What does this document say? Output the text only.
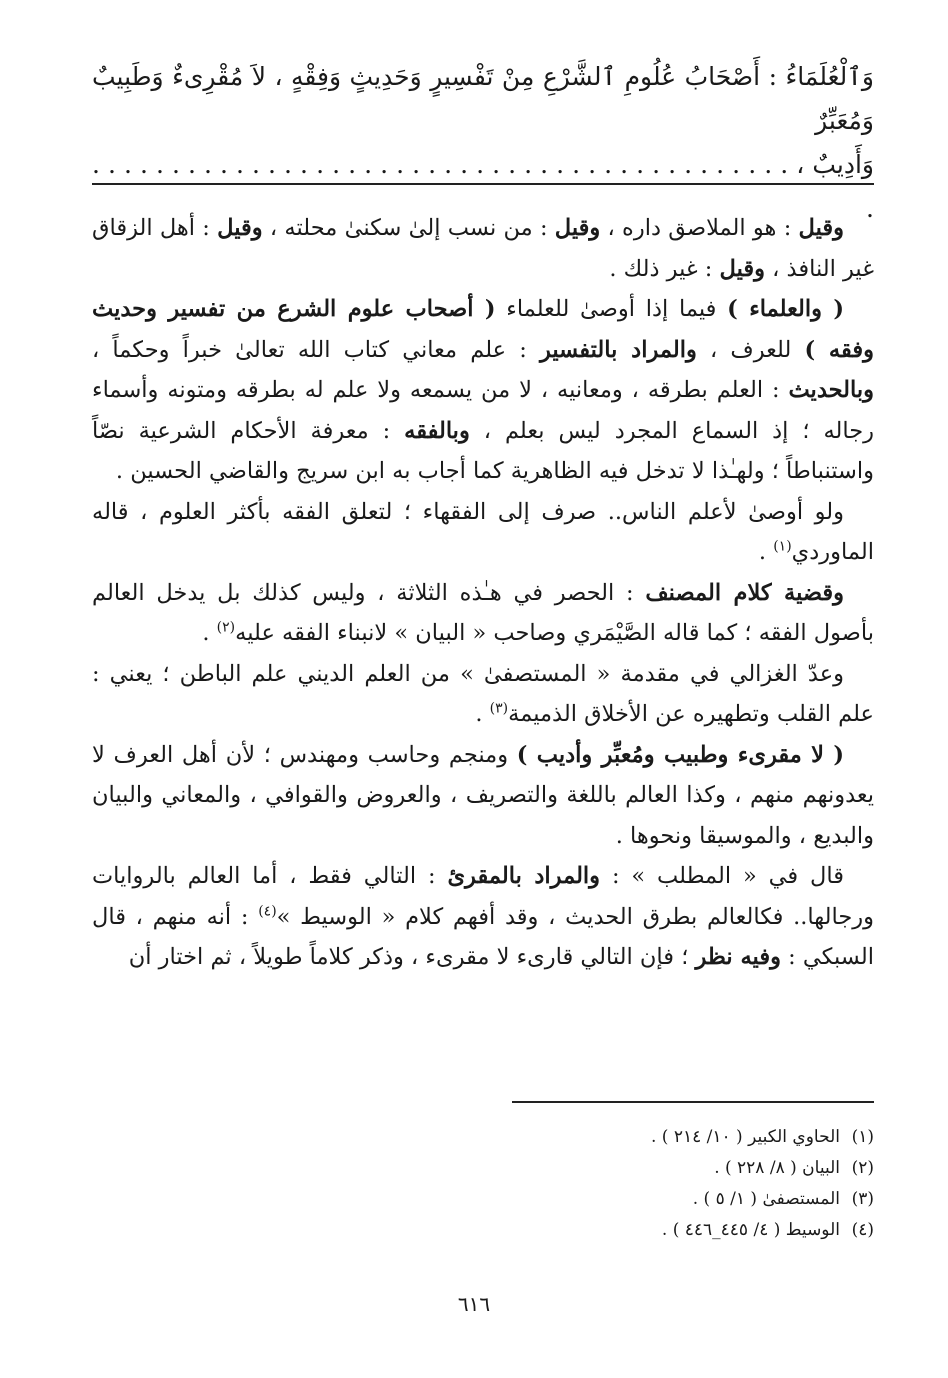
وَٱلْعُلَمَاءُ : أَصْحَابُ عُلُومِ ٱلشَّرْعِ مِنْ تَفْسِيرٍ وَحَدِيثٍ وَفِقْهٍ ، لاَ مُقْرِىءٌ وَطَبِيبٌ وَمُعَبِّرٌ

وَأَدِيبٌ ، . . . . . . . . . . . . . . . . . . . . . . . . . . . . . . . . . . . . . . . . . . . . .

وقيل : هو الملاصق داره ، وقيل : من نسب إلىٰ سكنىٰ محلته ، وقيل : أهل الزقاق غير النافذ ، وقيل : غير ذلك .

( والعلماء ) فيما إذا أوصىٰ للعلماء ( أصحاب علوم الشرع من تفسير وحديث وفقه ) للعرف ، والمراد بالتفسير : علم معاني كتاب الله تعالىٰ خبراً وحكماً ، وبالحديث : العلم بطرقه ، ومعانيه ، لا من يسمعه ولا علم له بطرقه ومتونه وأسماء رجاله ؛ إذ السماع المجرد ليس بعلم ، وبالفقه : معرفة الأحكام الشرعية نصّاً واستنباطاً ؛ ولهـٰذا لا تدخل فيه الظاهرية كما أجاب به ابن سريج والقاضي الحسين .

ولو أوصىٰ لأعلم الناس.. صرف إلى الفقهاء ؛ لتعلق الفقه بأكثر العلوم ، قاله الماوردي$^{(١)}$ .

وقضية كلام المصنف : الحصر في هـٰذه الثلاثة ، وليس كذلك بل يدخل العالم بأصول الفقه ؛ كما قاله الصَّيْمَري وصاحب « البيان » لانبناء الفقه عليه$^{(٢)}$ .

وعدّ الغزالي في مقدمة « المستصفىٰ » من العلم الديني علم الباطن ؛ يعني : علم القلب وتطهيره عن الأخلاق الذميمة$^{(٣)}$ .

( لا مقرىء وطبيب ومُعبِّر وأديب ) ومنجم وحاسب ومهندس ؛ لأن أهل العرف لا يعدونهم منهم ، وكذا العالم باللغة والتصريف ، والعروض والقوافي ، والمعاني والبيان والبديع ، والموسيقا ونحوها .

قال في « المطلب » : والمراد بالمقرئ : التالي فقط ، أما العالم بالروايات ورجالها.. فكالعالم بطرق الحديث ، وقد أفهم كلام « الوسيط »$^{(٤)}$ : أنه منهم ، قال السبكي : وفيه نظر ؛ فإن التالي قارىء لا مقرىء ، وذكر كلاماً طويلاً ، ثم اختار أن

(١)الحاوي الكبير ( ١٠/ ٢١٤ ) .

(٢)البيان ( ٨/ ٢٢٨ ) .

(٣)المستصفىٰ ( ١/ ٥ ) .

(٤)الوسيط ( ٤/ ٤٤٥_٤٤٦ ) .

٦١٦
